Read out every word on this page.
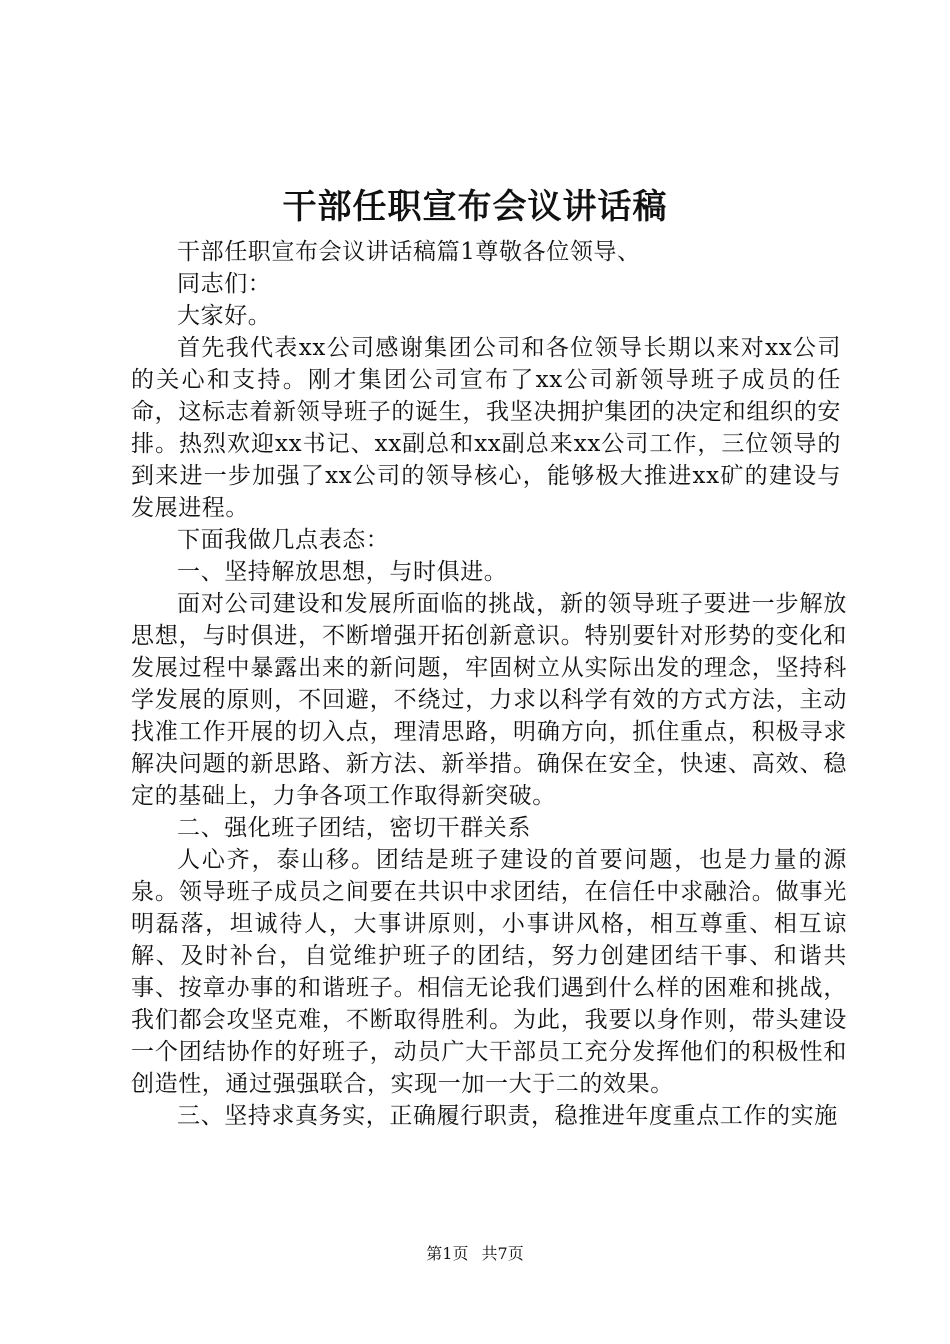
干部任职宣布会议讲话稿

干部任职宣布会议讲话稿篇1尊敬各位领导、

同志们：

大家好。

首先我代表xx公司感谢集团公司和各位领导长期以来对xx公司的关心和支持。刚才集团公司宣布了xx公司新领导班子成员的任命，这标志着新领导班子的诞生，我坚决拥护集团的决定和组织的安排。热烈欢迎xx书记、xx副总和xx副总来xx公司工作，三位领导的到来进一步加强了xx公司的领导核心，能够极大推进xx矿的建设与发展进程。

下面我做几点表态：

一、坚持解放思想，与时俱进。

面对公司建设和发展所面临的挑战，新的领导班子要进一步解放思想，与时俱进，不断增强开拓创新意识。特别要针对形势的变化和发展过程中暴露出来的新问题，牢固树立从实际出发的理念，坚持科学发展的原则，不回避，不绕过，力求以科学有效的方式方法，主动找准工作开展的切入点，理清思路，明确方向，抓住重点，积极寻求解决问题的新思路、新方法、新举措。确保在安全，快速、高效、稳定的基础上，力争各项工作取得新突破。

二、强化班子团结，密切干群关系

人心齐，泰山移。团结是班子建设的首要问题，也是力量的源泉。领导班子成员之间要在共识中求团结，在信任中求融洽。做事光明磊落，坦诚待人，大事讲原则，小事讲风格，相互尊重、相互谅解、及时补台，自觉维护班子的团结，努力创建团结干事、和谐共事、按章办事的和谐班子。相信无论我们遇到什么样的困难和挑战，我们都会攻坚克难，不断取得胜利。为此，我要以身作则，带头建设一个团结协作的好班子，动员广大干部员工充分发挥他们的积极性和创造性，通过强强联合，实现一加一大于二的效果。

三、坚持求真务实，正确履行职责，稳推进年度重点工作的实施

第1页 共7页
